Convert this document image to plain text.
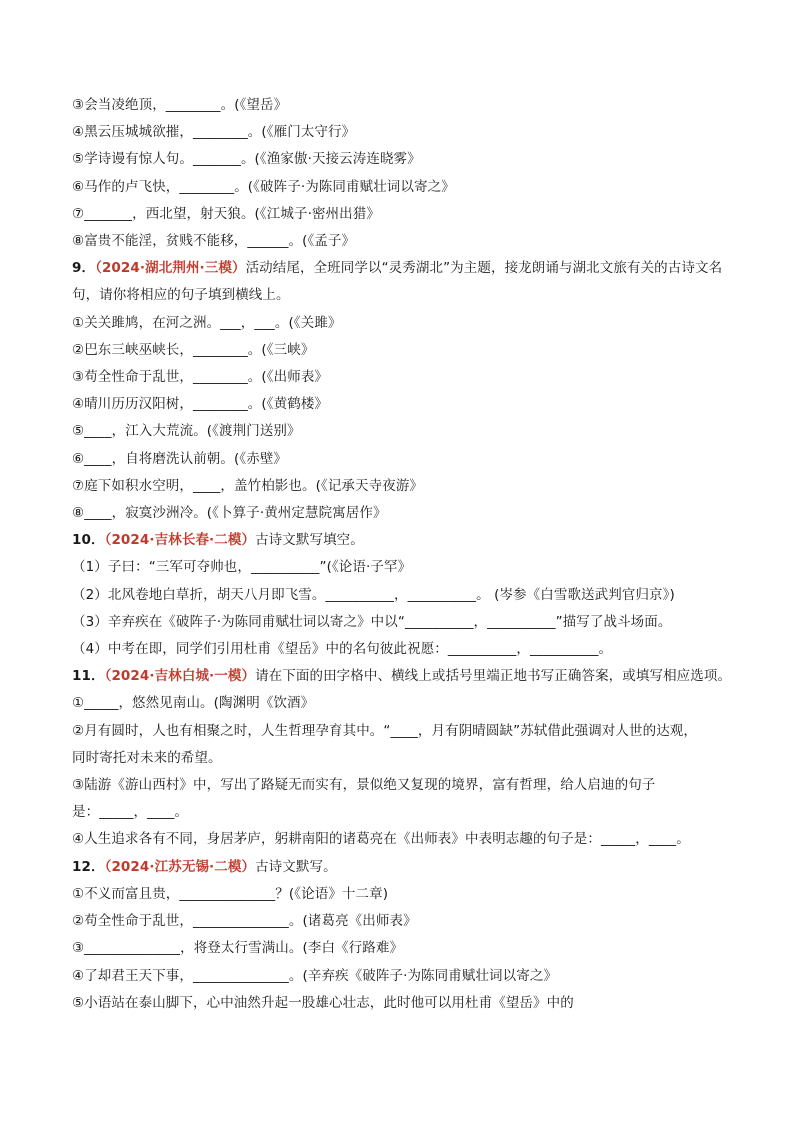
③会当凌绝顶，________。(《望岳》
④黑云压城城欲摧，________。(《雁门太守行》
⑤学诗谩有惊人句。_______。(《渔家傲·天接云涛连晓雾》
⑥马作的卢飞快，________。(《破阵子·为陈同甫赋壮词以寄之》
⑦_______，西北望，射天狼。(《江城子·密州出猎》
⑧富贵不能淫，贫贱不能移，______。(《孟子》
9．（2024·湖北荆州·三模）活动结尾，全班同学以“灵秀湖北”为主题，接龙朗诵与湖北文旅有关的古诗文名
句，请你将相应的句子填到横线上。
①关关雎鸠，在河之洲。___，___。(《关雎》
②巴东三峡巫峡长，________。(《三峡》
③苟全性命于乱世，________。(《出师表》
④晴川历历汉阳树，________。(《黄鹤楼》
⑤____，江入大荒流。(《渡荆门送别》
⑥____，自将磨洗认前朝。(《赤壁》
⑦庭下如积水空明，____，盖竹柏影也。(《记承天寺夜游》
⑧____，寂寞沙洲冷。(《卜算子·黄州定慧院寓居作》
10．（2024·吉林长春·二模）古诗文默写填空。
（1）子曰：“三军可夺帅也，__________”(《论语·子罕》
（2）北风卷地白草折，胡天八月即飞雪。__________，__________。 (岑参《白雪歌送武判官归京》)
（3）辛弃疾在《破阵子·为陈同甫赋壮词以寄之》中以“__________，__________”描写了战斗场面。
（4）中考在即，同学们引用杜甫《望岳》中的名句彼此祝愿：__________，__________。
11．（2024·吉林白城·一模）请在下面的田字格中、横线上或括号里端正地书写正确答案，或填写相应选项。
①_____，悠然见南山。(陶渊明《饮酒》
②月有圆时，人也有相聚之时，人生哲理孕育其中。“____，月有阴晴圆缺”苏轼借此强调对人世的达观，
同时寄托对未来的希望。
③陆游《游山西村》中，写出了路疑无而实有，景似绝又复现的境界，富有哲理，给人启迪的句子
是：_____，____。
④人生追求各有不同，身居茅庐，躬耕南阳的诸葛亮在《出师表》中表明志趣的句子是：_____，____。
12．（2024·江苏无锡·二模）古诗文默写。
①不义而富且贵，______________？(《论语》十二章)
②苟全性命于乱世，______________。(诸葛亮《出师表》
③______________，将登太行雪满山。(李白《行路难》
④了却君王天下事，______________。(辛弃疾《破阵子·为陈同甫赋壮词以寄之》
⑤小语站在泰山脚下，心中油然升起一股雄心壮志，此时他可以用杜甫《望岳》中的
